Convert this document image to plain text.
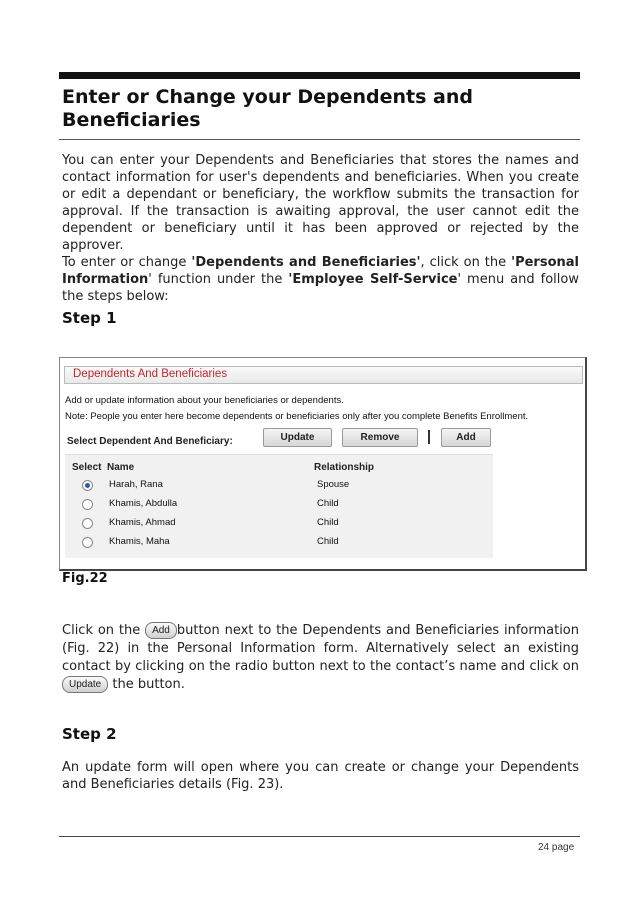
Enter or Change your Dependents and
Beneficiaries
You can enter your Dependents and Beneficiaries that stores the names and contact information for user's dependents and beneficiaries. When you create or edit a dependant or beneficiary, the workflow submits the transaction for approval. If the transaction is awaiting approval, the user cannot edit the dependent or beneficiary until it has been approved or rejected by the approver.
To enter or change 'Dependents and Beneficiaries', click on the 'Personal Information' function under the 'Employee Self-Service' menu and follow the steps below:
Step 1
Dependents And Beneficiaries
Add or update information about your beneficiaries or dependents.
Note: People you enter here become dependents or beneficiaries only after you complete Benefits Enrollment.
Select Dependent And Beneficiary:	Update	Remove	Add
Select Name	Relationship
Harah, Rana	Spouse
Khamis, Abdulla	Child
Khamis, Ahmad	Child
Khamis, Maha	Child
Fig.22
Click on the Add button next to the Dependents and Beneficiaries information (Fig. 22) in the Personal Information form. Alternatively select an existing contact by clicking on the radio button next to the contact’s name and click on Update the button.
Step 2
An update form will open where you can create or change your Dependents and Beneficiaries details (Fig. 23).
24 page
